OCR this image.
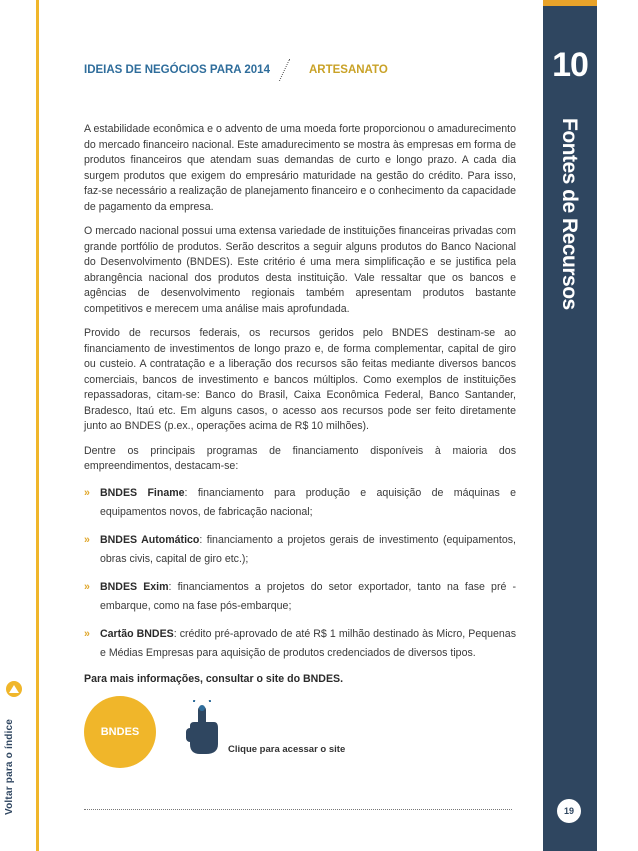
Voltar para o índice
10
Fontes de Recursos
19
IDEIAS DE NEGÓCIOS PARA 2014	ARTESANATO

A estabilidade econômica e o advento de uma moeda forte proporcionou o amadurecimento do mercado financeiro nacional. Este amadurecimento se mostra às empresas em forma de produtos financeiros que atendam suas demandas de curto e longo prazo. A cada dia surgem produtos que exigem do empresário maturidade na gestão do crédito. Para isso, faz-se necessário a realização de planejamento financeiro e o conhecimento da capacidade de pagamento da empresa.

O mercado nacional possui uma extensa variedade de instituições financeiras privadas com grande portfólio de produtos. Serão descritos a seguir alguns produtos do Banco Nacional do Desenvolvimento (BNDES). Este critério é uma mera simplificação e se justifica pela abrangência nacional dos produtos desta instituição. Vale ressaltar que os bancos e agências de desenvolvimento regionais também apresentam produtos bastante competitivos e merecem uma análise mais aprofundada.

Provido de recursos federais, os recursos geridos pelo BNDES destinam-se ao financiamento de investimentos de longo prazo e, de forma complementar, capital de giro ou custeio. A contratação e a liberação dos recursos são feitas mediante diversos bancos comerciais, bancos de investimento e bancos múltiplos. Como exemplos de instituições repassadoras, citam-se: Banco do Brasil, Caixa Econômica Federal, Banco Santander, Bradesco, Itaú etc. Em alguns casos, o acesso aos recursos pode ser feito diretamente junto ao BNDES (p.ex., operações acima de R$ 10 milhões).

Dentre os principais programas de financiamento disponíveis à maioria dos empreendimentos, destacam-se:

» BNDES Finame: financiamento para produção e aquisição de máquinas e equipamentos novos, de fabricação nacional;
» BNDES Automático: financiamento a projetos gerais de investimento (equipamentos, obras civis, capital de giro etc.);
» BNDES Exim: financiamentos a projetos do setor exportador, tanto na fase pré -embarque, como na fase pós-embarque;
» Cartão BNDES: crédito pré-aprovado de até R$ 1 milhão destinado às Micro, Pequenas e Médias Empresas para aquisição de produtos credenciados de diversos tipos.
Para mais informações, consultar o site do BNDES.
BNDES
Clique para acessar o site
